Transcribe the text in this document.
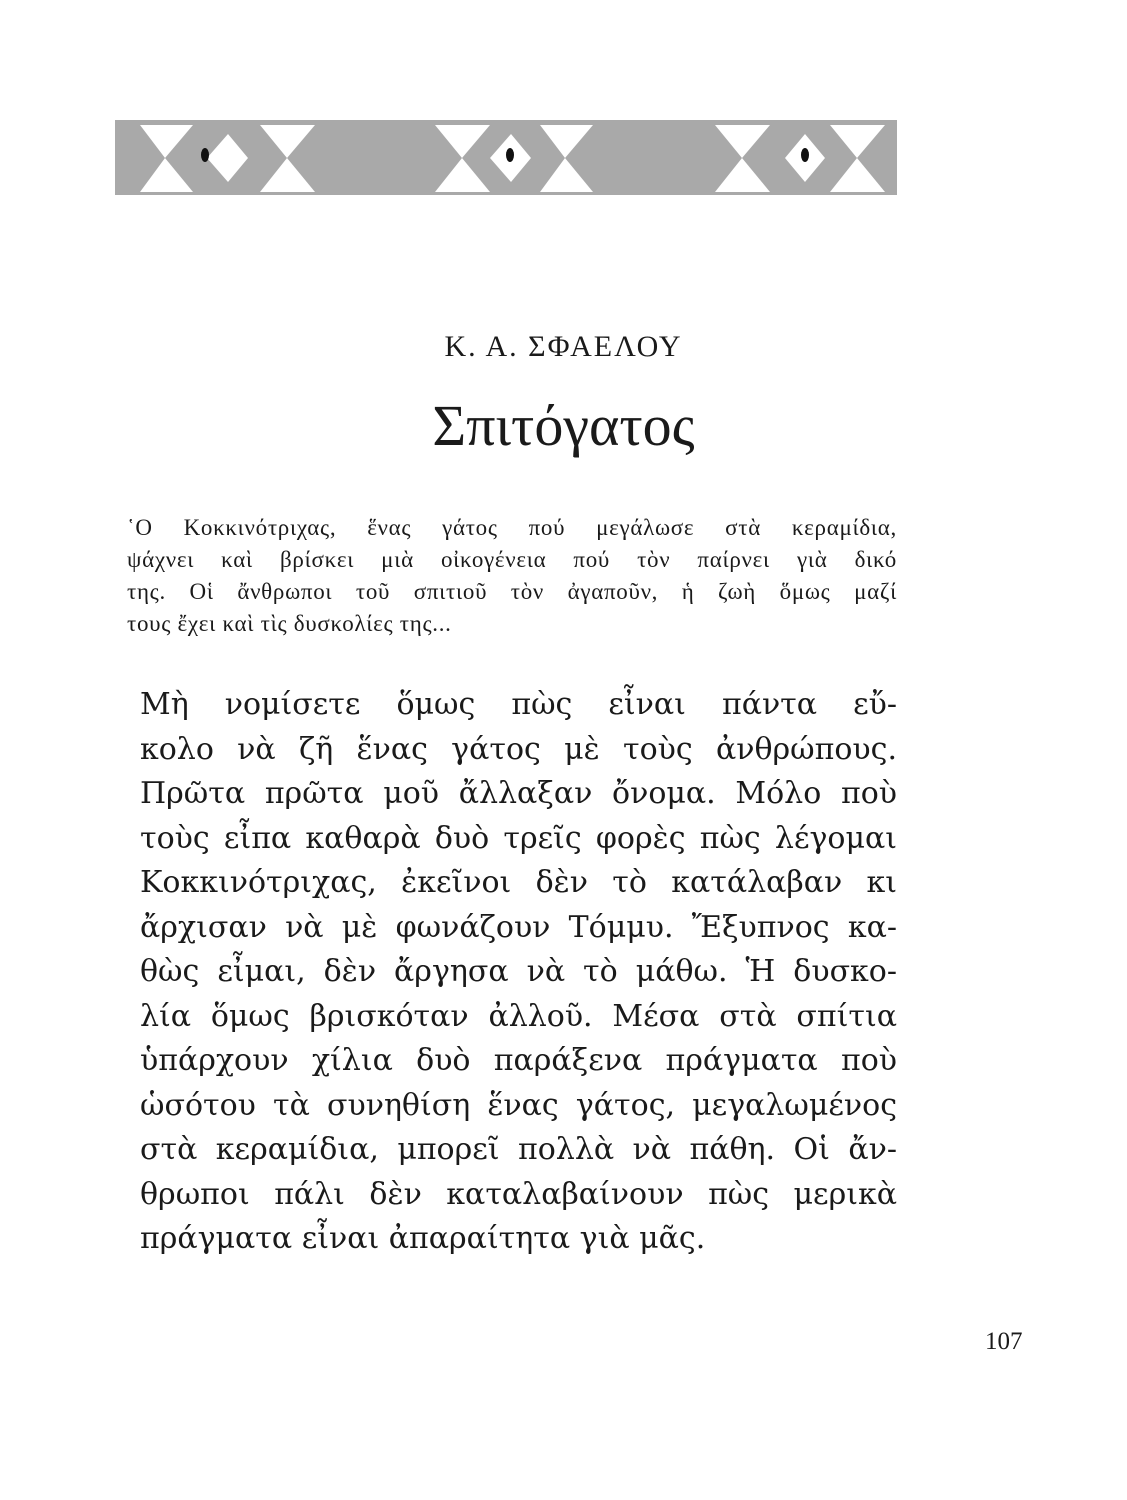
Κ. Α. ΣΦΑΕΛΟΥ
Σπιτόγατος
῾Ο Κοκκινότριχας, ἕνας γάτος πού μεγάλωσε στὰ κεραμίδια,
ψάχνει καὶ βρίσκει μιὰ οἰκογένεια πού τὸν παίρνει γιὰ δικό
της. Οἱ ἄνθρωποι τοῦ σπιτιοῦ τὸν ἀγαποῦν, ἡ ζωὴ ὅμως μαζί
τους ἔχει καὶ τὶς δυσκολίες της...
Μὴ νομίσετε ὅμως πὼς εἶναι πάντα εὔ-
κολο νὰ ζῆ ἕνας γάτος μὲ τοὺς ἀνθρώπους.
Πρῶτα πρῶτα μοῦ ἄλλαξαν ὄνομα. Μόλο ποὺ
τοὺς εἶπα καθαρὰ δυὸ τρεῖς φορὲς πὼς λέγομαι
Κοκκινότριχας, ἐκεῖνοι δὲν τὸ κατάλαβαν κι
ἄρχισαν νὰ μὲ φωνάζουν Τόμμυ. Ἔξυπνος κα-
θὼς εἶμαι, δὲν ἄργησα νὰ τὸ μάθω. Ἡ δυσκο-
λία ὅμως βρισκόταν ἀλλοῦ. Μέσα στὰ σπίτια
ὑπάρχουν χίλια δυὸ παράξενα πράγματα ποὺ
ὡσότου τὰ συνηθίση ἕνας γάτος, μεγαλωμένος
στὰ κεραμίδια, μπορεῖ πολλὰ νὰ πάθη. Οἱ ἄν-
θρωποι πάλι δὲν καταλαβαίνουν πὼς μερικὰ
πράγματα εἶναι ἀπαραίτητα γιὰ μᾶς.
107
